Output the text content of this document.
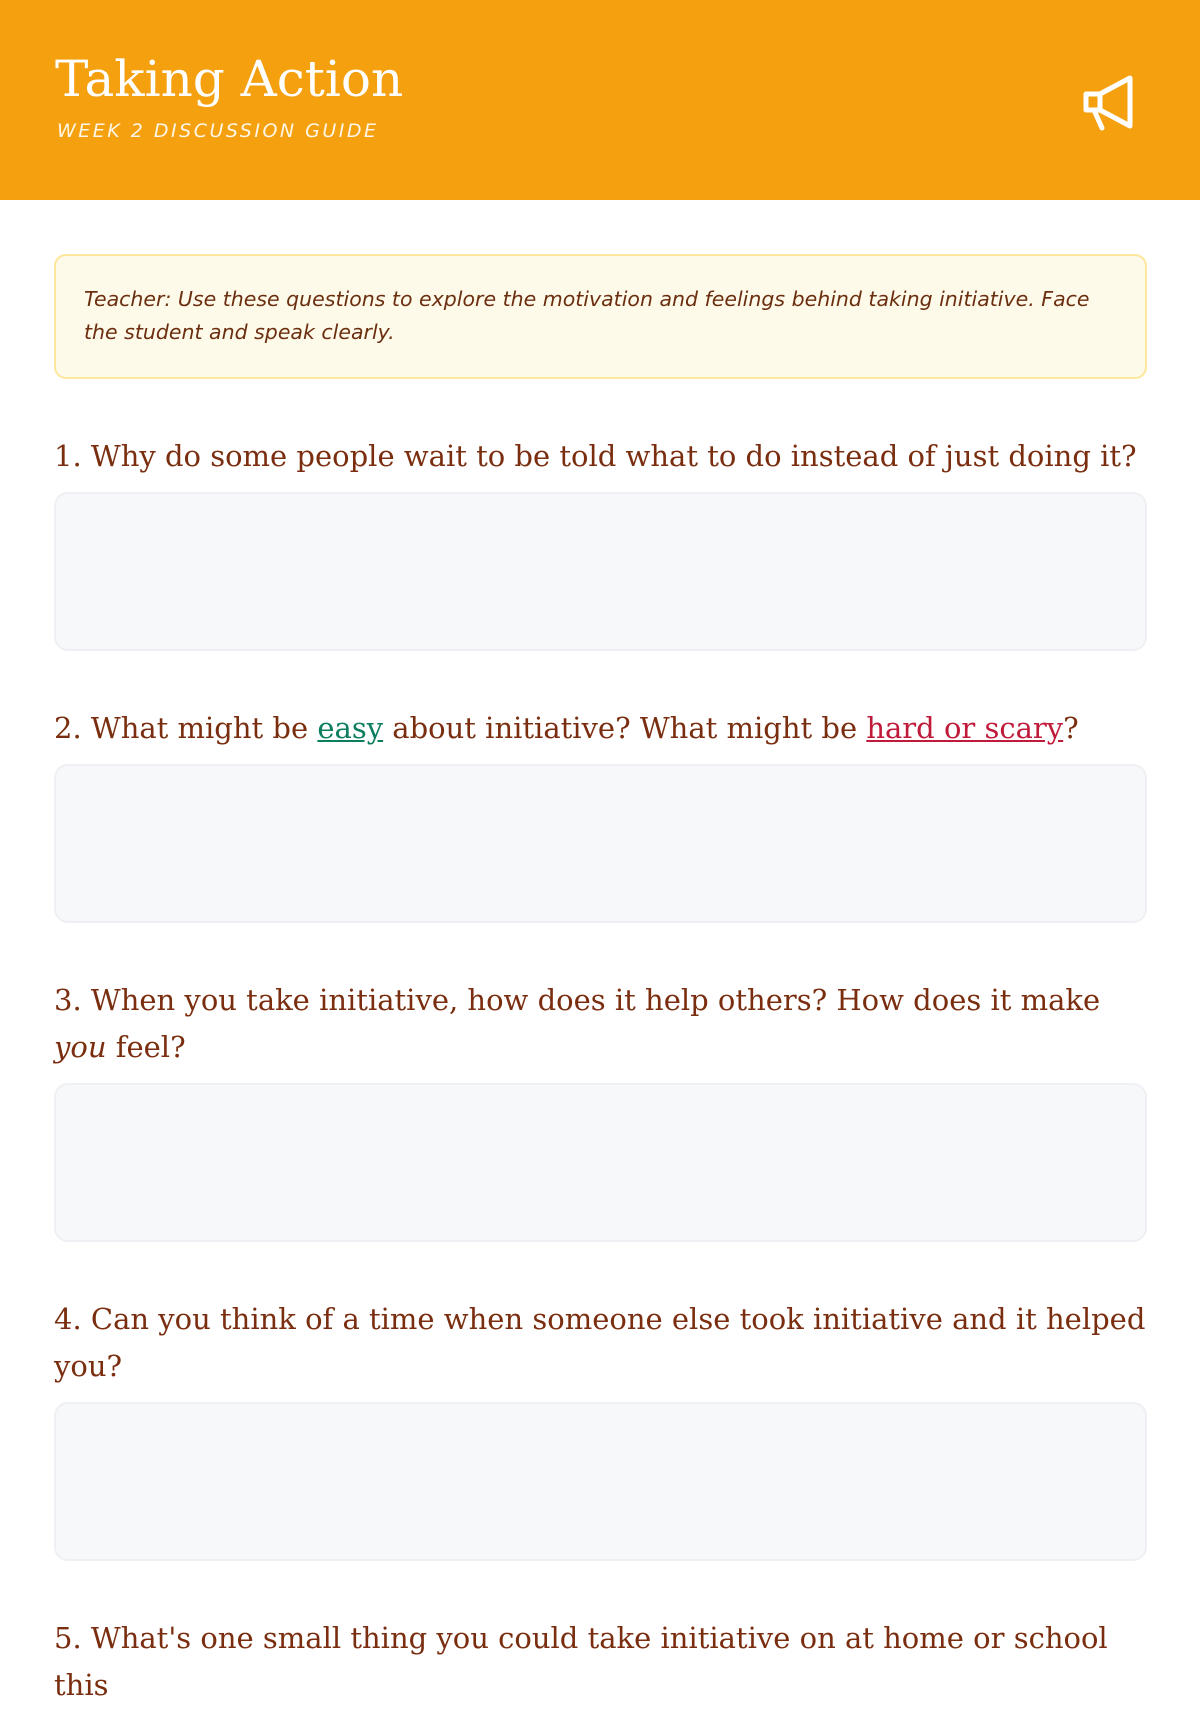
Taking Action
WEEK 2 DISCUSSION GUIDE
Teacher: Use these questions to explore the motivation and feelings behind taking initiative. Face the student and speak clearly.
1. Why do some people wait to be told what to do instead of just doing it?
2. What might be easy about initiative? What might be hard or scary?
3. When you take initiative, how does it help others? How does it make you feel?
4. Can you think of a time when someone else took initiative and it helped you?
5. What's one small thing you could take initiative on at home or school this
